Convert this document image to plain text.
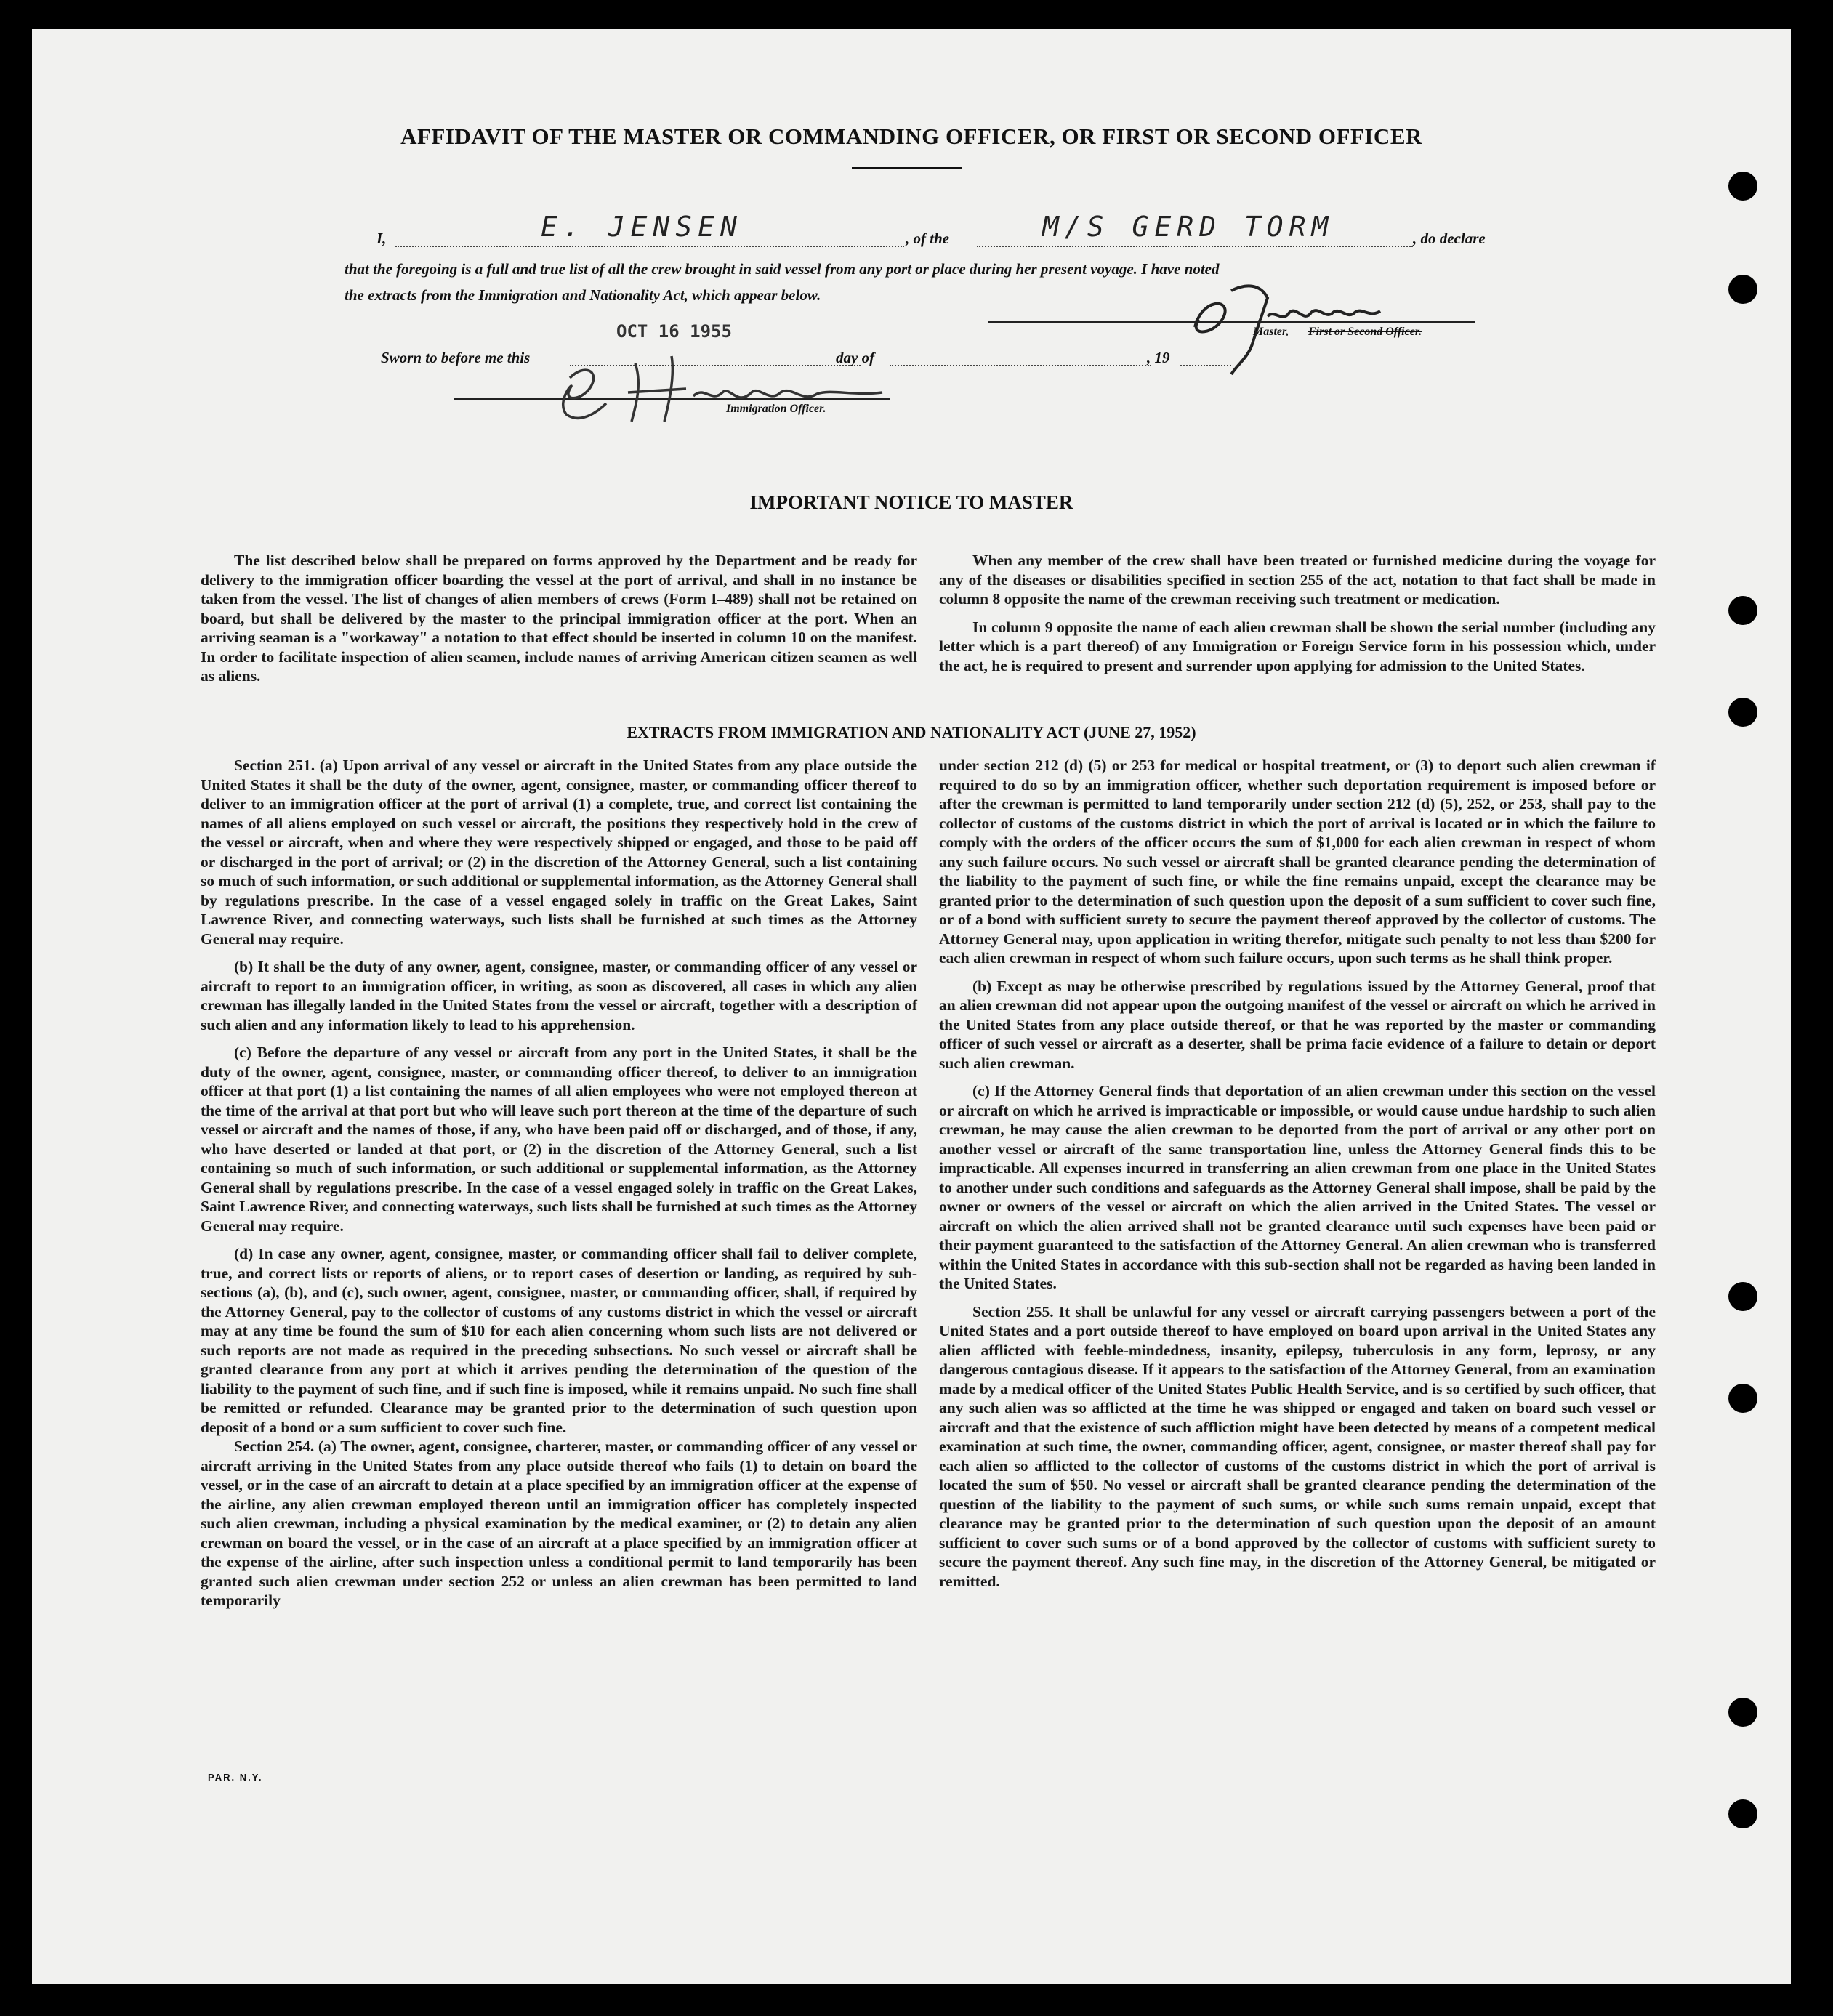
AFFIDAVIT OF THE MASTER OR COMMANDING OFFICER, OR FIRST OR SECOND OFFICER
I,	E. JENSEN	, of the	M/S GERD TORM	, do declare
that the foregoing is a full and true list of all the crew brought in said vessel from any port or place during her present voyage. I have noted
the extracts from the Immigration and Nationality Act, which appear below.
OCT 16 1955
Sworn to before me this	day of	, 19
Master, First or Second Officer.
Immigration Officer.
IMPORTANT NOTICE TO MASTER

The list described below shall be prepared on forms approved by the Department and be ready for delivery to the immigration officer boarding the vessel at the port of arrival, and shall in no instance be taken from the vessel. The list of changes of alien members of crews (Form I–489) shall not be retained on board, but shall be delivered by the master to the principal immigration officer at the port. When an arriving seaman is a "workaway" a notation to that effect should be inserted in column 10 on the manifest. In order to facilitate inspection of alien seamen, include names of arriving American citizen seamen as well as aliens.

When any member of the crew shall have been treated or furnished medicine during the voyage for any of the diseases or disabilities specified in section 255 of the act, notation to that fact shall be made in column 8 opposite the name of the crewman receiving such treatment or medication.

In column 9 opposite the name of each alien crewman shall be shown the serial number (including any letter which is a part thereof) of any Immigration or Foreign Service form in his possession which, under the act, he is required to present and surrender upon applying for admission to the United States.

EXTRACTS FROM IMMIGRATION AND NATIONALITY ACT (JUNE 27, 1952)

Section 251. (a) Upon arrival of any vessel or aircraft in the United States from any place outside the United States it shall be the duty of the owner, agent, consignee, master, or commanding officer thereof to deliver to an immigration officer at the port of arrival (1) a complete, true, and correct list containing the names of all aliens employed on such vessel or aircraft, the positions they respectively hold in the crew of the vessel or aircraft, when and where they were respectively shipped or engaged, and those to be paid off or discharged in the port of arrival; or (2) in the discretion of the Attorney General, such a list containing so much of such information, or such additional or supplemental information, as the Attorney General shall by regulations prescribe. In the case of a vessel engaged solely in traffic on the Great Lakes, Saint Lawrence River, and connecting waterways, such lists shall be furnished at such times as the Attorney General may require.

(b) It shall be the duty of any owner, agent, consignee, master, or commanding officer of any vessel or aircraft to report to an immigration officer, in writing, as soon as discovered, all cases in which any alien crewman has illegally landed in the United States from the vessel or aircraft, together with a description of such alien and any information likely to lead to his apprehension.

(c) Before the departure of any vessel or aircraft from any port in the United States, it shall be the duty of the owner, agent, consignee, master, or commanding officer thereof, to deliver to an immigration officer at that port (1) a list containing the names of all alien employees who were not employed thereon at the time of the arrival at that port but who will leave such port thereon at the time of the departure of such vessel or aircraft and the names of those, if any, who have been paid off or discharged, and of those, if any, who have deserted or landed at that port, or (2) in the discretion of the Attorney General, such a list containing so much of such information, or such additional or supplemental information, as the Attorney General shall by regulations prescribe. In the case of a vessel engaged solely in traffic on the Great Lakes, Saint Lawrence River, and connecting waterways, such lists shall be furnished at such times as the Attorney General may require.

(d) In case any owner, agent, consignee, master, or commanding officer shall fail to deliver complete, true, and correct lists or reports of aliens, or to report cases of desertion or landing, as required by sub-sections (a), (b), and (c), such owner, agent, consignee, master, or commanding officer, shall, if required by the Attorney General, pay to the collector of customs of any customs district in which the vessel or aircraft may at any time be found the sum of $10 for each alien concerning whom such lists are not delivered or such reports are not made as required in the preceding subsections. No such vessel or aircraft shall be granted clearance from any port at which it arrives pending the determination of the question of the liability to the payment of such fine, and if such fine is imposed, while it remains unpaid. No such fine shall be remitted or refunded. Clearance may be granted prior to the determination of such question upon deposit of a bond or a sum sufficient to cover such fine.

Section 254. (a) The owner, agent, consignee, charterer, master, or commanding officer of any vessel or aircraft arriving in the United States from any place outside thereof who fails (1) to detain on board the vessel, or in the case of an aircraft to detain at a place specified by an immigration officer at the expense of the airline, any alien crewman employed thereon until an immigration officer has completely inspected such alien crewman, including a physical examination by the medical examiner, or (2) to detain any alien crewman on board the vessel, or in the case of an aircraft at a place specified by an immigration officer at the expense of the airline, after such inspection unless a conditional permit to land temporarily has been granted such alien crewman under section 252 or unless an alien crewman has been permitted to land temporarily

under section 212 (d) (5) or 253 for medical or hospital treatment, or (3) to deport such alien crewman if required to do so by an immigration officer, whether such deportation requirement is imposed before or after the crewman is permitted to land temporarily under section 212 (d) (5), 252, or 253, shall pay to the collector of customs of the customs district in which the port of arrival is located or in which the failure to comply with the orders of the officer occurs the sum of $1,000 for each alien crewman in respect of whom any such failure occurs. No such vessel or aircraft shall be granted clearance pending the determination of the liability to the payment of such fine, or while the fine remains unpaid, except the clearance may be granted prior to the determination of such question upon the deposit of a sum sufficient to cover such fine, or of a bond with sufficient surety to secure the payment thereof approved by the collector of customs. The Attorney General may, upon application in writing therefor, mitigate such penalty to not less than $200 for each alien crewman in respect of whom such failure occurs, upon such terms as he shall think proper.

(b) Except as may be otherwise prescribed by regulations issued by the Attorney General, proof that an alien crewman did not appear upon the outgoing manifest of the vessel or aircraft on which he arrived in the United States from any place outside thereof, or that he was reported by the master or commanding officer of such vessel or aircraft as a deserter, shall be prima facie evidence of a failure to detain or deport such alien crewman.

(c) If the Attorney General finds that deportation of an alien crewman under this section on the vessel or aircraft on which he arrived is impracticable or impossible, or would cause undue hardship to such alien crewman, he may cause the alien crewman to be deported from the port of arrival or any other port on another vessel or aircraft of the same transportation line, unless the Attorney General finds this to be impracticable. All expenses incurred in transferring an alien crewman from one place in the United States to another under such conditions and safeguards as the Attorney General shall impose, shall be paid by the owner or owners of the vessel or aircraft on which the alien arrived in the United States. The vessel or aircraft on which the alien arrived shall not be granted clearance until such expenses have been paid or their payment guaranteed to the satisfaction of the Attorney General. An alien crewman who is transferred within the United States in accordance with this sub-section shall not be regarded as having been landed in the United States.

Section 255. It shall be unlawful for any vessel or aircraft carrying passengers between a port of the United States and a port outside thereof to have employed on board upon arrival in the United States any alien afflicted with feeble-mindedness, insanity, epilepsy, tuberculosis in any form, leprosy, or any dangerous contagious disease. If it appears to the satisfaction of the Attorney General, from an examination made by a medical officer of the United States Public Health Service, and is so certified by such officer, that any such alien was so afflicted at the time he was shipped or engaged and taken on board such vessel or aircraft and that the existence of such affliction might have been detected by means of a competent medical examination at such time, the owner, commanding officer, agent, consignee, or master thereof shall pay for each alien so afflicted to the collector of customs of the customs district in which the port of arrival is located the sum of $50. No vessel or aircraft shall be granted clearance pending the determination of the question of the liability to the payment of such sums, or while such sums remain unpaid, except that clearance may be granted prior to the determination of such question upon the deposit of an amount sufficient to cover such sums or of a bond approved by the collector of customs with sufficient surety to secure the payment thereof. Any such fine may, in the discretion of the Attorney General, be mitigated or remitted.

PAR. N.Y.
